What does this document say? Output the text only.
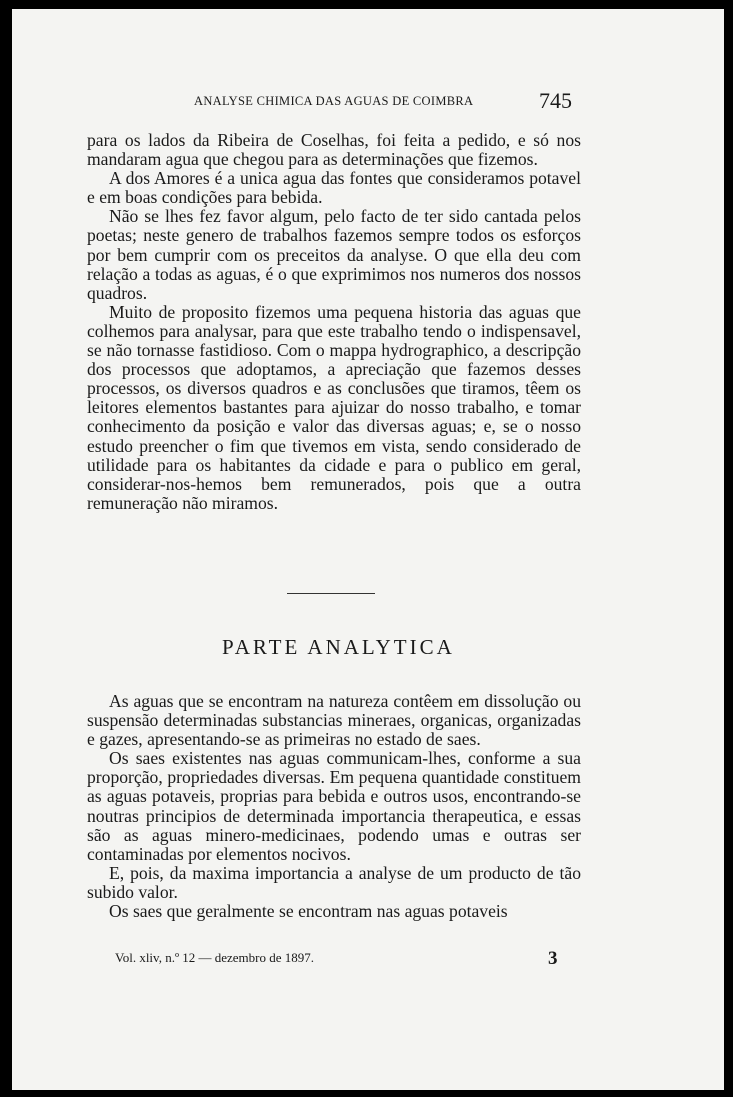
ANALYSE CHIMICA DAS AGUAS DE COIMBRA	745

para os lados da Ribeira de Coselhas, foi feita a pedido, e só nos mandaram agua que chegou para as determinações que fizemos.

A dos Amores é a unica agua das fontes que consideramos potavel e em boas condições para bebida.

Não se lhes fez favor algum, pelo facto de ter sido cantada pelos poetas; neste genero de trabalhos fazemos sempre todos os esforços por bem cumprir com os preceitos da analyse. O que ella deu com relação a todas as aguas, é o que exprimimos nos numeros dos nossos quadros.

Muito de proposito fizemos uma pequena historia das aguas que colhemos para analysar, para que este trabalho tendo o indispensavel, se não tornasse fastidioso. Com o mappa hydrographico, a descripção dos processos que adoptamos, a apreciação que fazemos desses processos, os diversos quadros e as conclusões que tiramos, têem os leitores elementos bastantes para ajuizar do nosso trabalho, e tomar conhecimento da posição e valor das diversas aguas; e, se o nosso estudo preencher o fim que tivemos em vista, sendo considerado de utilidade para os habitantes da cidade e para o publico em geral, considerar-nos-hemos bem remunerados, pois que a outra remuneração não miramos.

PARTE ANALYTICA

As aguas que se encontram na natureza contêem em dissolução ou suspensão determinadas substancias mineraes, organicas, organizadas e gazes, apresentando-se as primeiras no estado de saes.

Os saes existentes nas aguas communicam-lhes, conforme a sua proporção, propriedades diversas. Em pequena quantidade constituem as aguas potaveis, proprias para bebida e outros usos, encontrando-se noutras principios de determinada importancia therapeutica, e essas são as aguas minero-medicinaes, podendo umas e outras ser contaminadas por elementos nocivos.

E, pois, da maxima importancia a analyse de um producto de tão subido valor.

Os saes que geralmente se encontram nas aguas potaveis

Vol. xliv, n.º 12 — dezembro de 1897.	3
